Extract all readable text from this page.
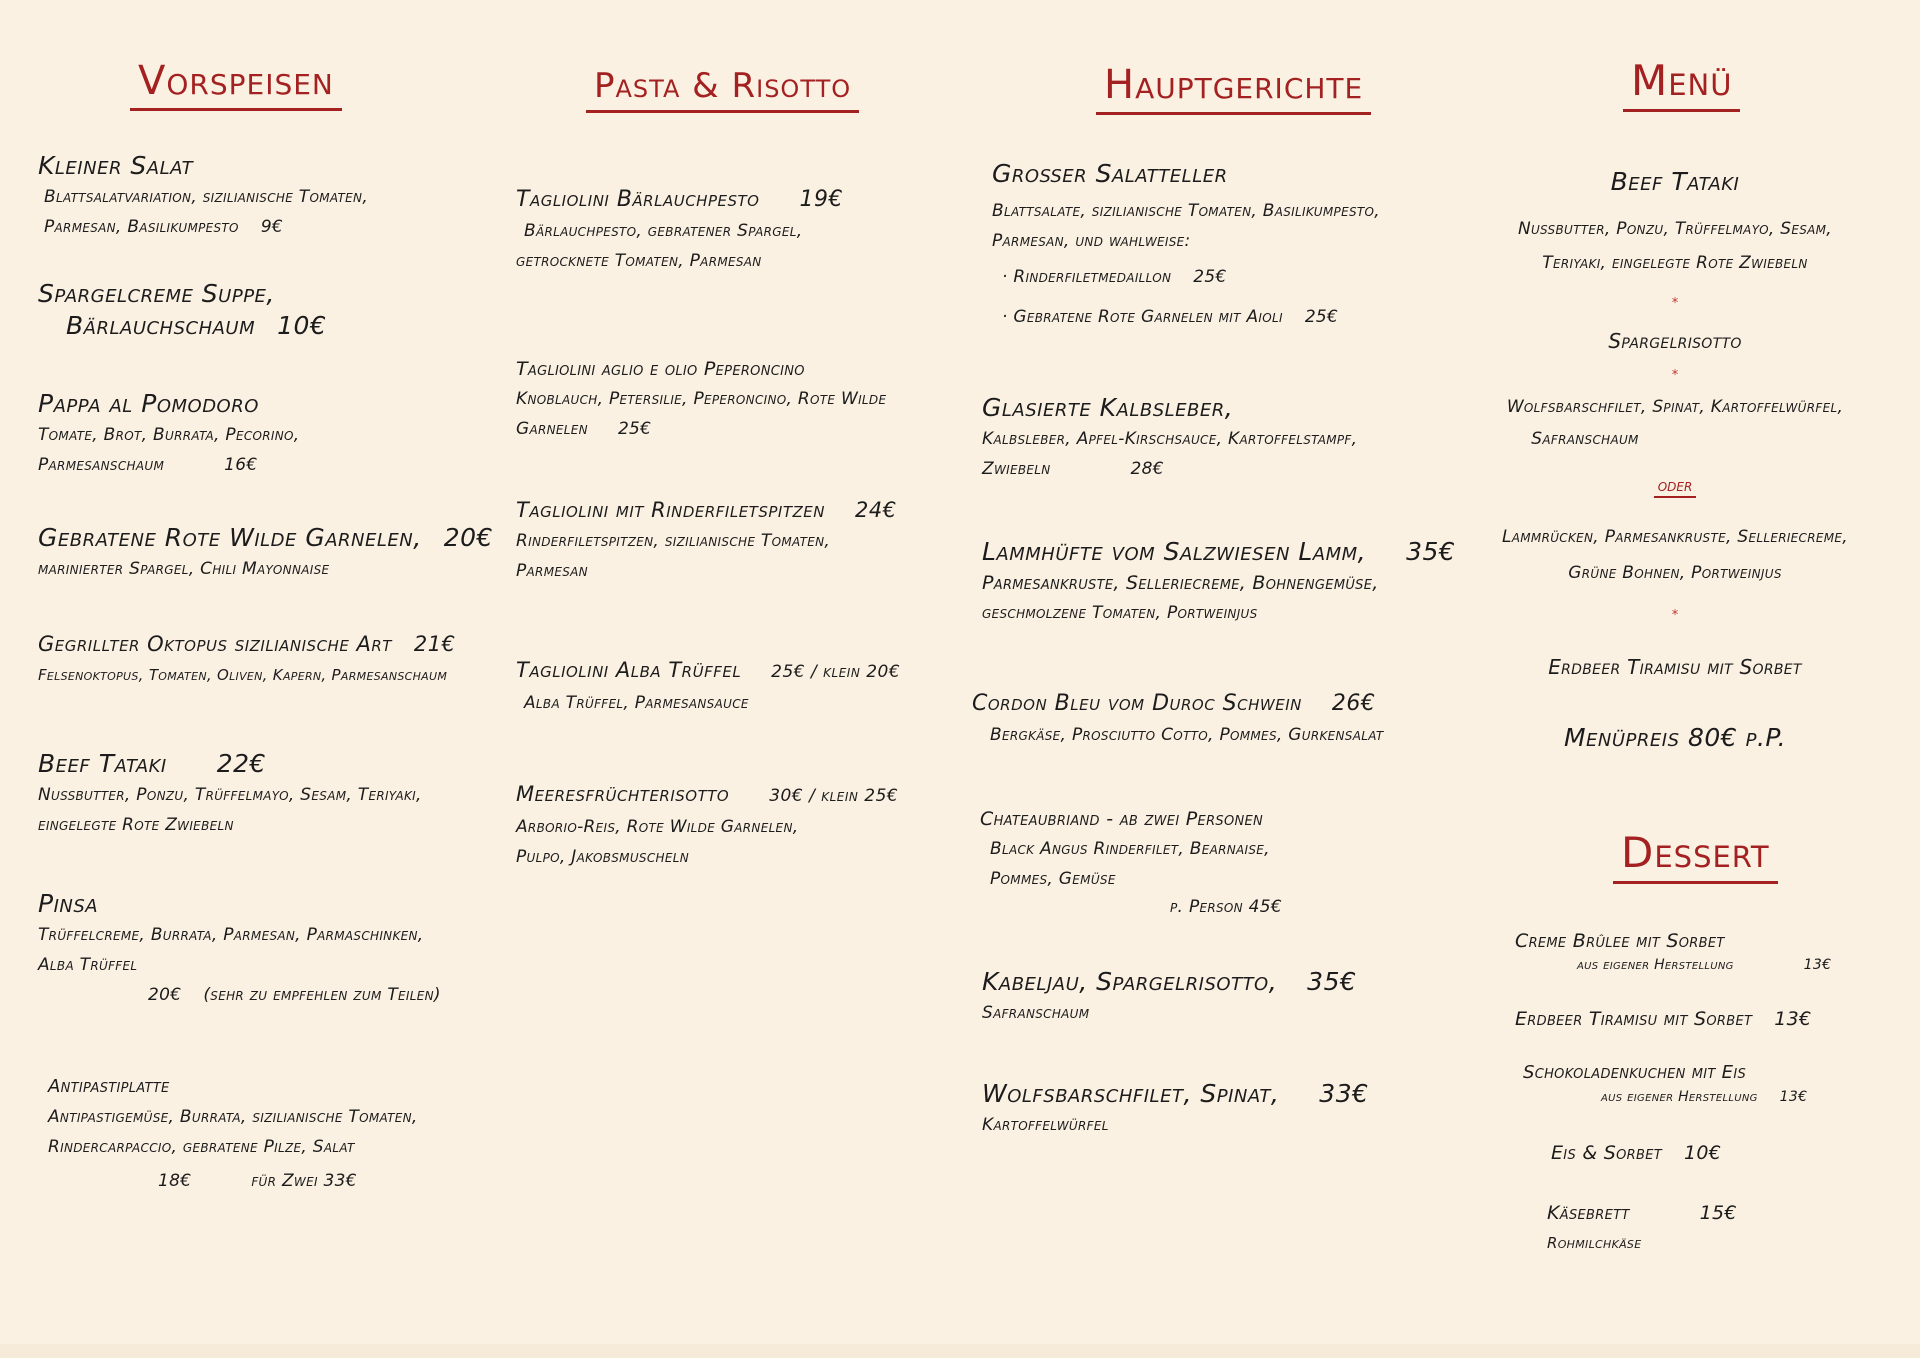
Vorspeisen
Kleiner Salat
Blattsalatvariation, sizilianische Tomaten,
Parmesan, Basilikumpesto 9€
Spargelcreme Suppe,
Bärlauchschaum 10€
Pappa al Pomodoro
Tomate, Brot, Burrata, Pecorino,
Parmesanschaum	16€
Gebratene Rote Wilde Garnelen, 20€
marinierter Spargel, Chili Mayonnaise
Gegrillter Oktopus sizilianische Art 21€
Felsenoktopus, Tomaten, Oliven, Kapern, Parmesanschaum
Beef Tataki 22€
Nussbutter, Ponzu, Trüffelmayo, Sesam, Teriyaki,
eingelegte Rote Zwiebeln
Pinsa
Trüffelcreme, Burrata, Parmesan, Parmaschinken,
Alba Trüffel
20€ (sehr zu empfehlen zum Teilen)
Antipastiplatte
Antipastigemüse, Burrata, sizilianische Tomaten,
Rindercarpaccio, gebratene Pilze, Salat
18€	für Zwei 33€
Pasta & Risotto
Tagliolini Bärlauchpesto 19€
Bärlauchpesto, gebratener Spargel,
getrocknete Tomaten, Parmesan
Tagliolini aglio e olio Peperoncino
Knoblauch, Petersilie, Peperoncino, Rote Wilde
Garnelen 25€
Tagliolini mit Rinderfiletspitzen 24€
Rinderfiletspitzen, sizilianische Tomaten,
Parmesan
Tagliolini Alba Trüffel 25€ / klein 20€
Alba Trüffel, Parmesansauce
Meeresfrüchterisotto 30€ / klein 25€
Arborio-Reis, Rote Wilde Garnelen,
Pulpo, Jakobsmuscheln
Hauptgerichte
Großer Salatteller
Blattsalate, sizilianische Tomaten, Basilikumpesto,
Parmesan, und wahlweise:
· Rinderfiletmedaillon 25€
· Gebratene Rote Garnelen mit Aioli 25€
Glasierte Kalbsleber,
Kalbsleber, Apfel-Kirschsauce, Kartoffelstampf,
Zwiebeln	28€
Lammhüfte vom Salzwiesen Lamm, 35€
Parmesankruste, Selleriecreme, Bohnengemüse,
geschmolzene Tomaten, Portweinjus
Cordon Bleu vom Duroc Schwein 26€
Bergkäse, Prosciutto Cotto, Pommes, Gurkensalat
Chateaubriand - ab zwei Personen
Black Angus Rinderfilet, Bearnaise,
Pommes, Gemüse
p. Person 45€
Kabeljau, Spargelrisotto, 35€
Safranschaum
Wolfsbarschfilet, Spinat, 33€
Kartoffelwürfel
Menü
Beef Tataki
Nussbutter, Ponzu, Trüffelmayo, Sesam,
Teriyaki, eingelegte Rote Zwiebeln
*
Spargelrisotto
*
Wolfsbarschfilet, Spinat, Kartoffelwürfel,
Safranschaum
oder
Lammrücken, Parmesankruste, Selleriecreme,
Grüne Bohnen, Portweinjus
*
Erdbeer Tiramisu mit Sorbet
Menüpreis 80€ p.P.
Dessert
Creme Brûlee mit Sorbet
aus eigener Herstellung	13€
Erdbeer Tiramisu mit Sorbet 13€
Schokoladenkuchen mit Eis
aus eigener Herstellung 13€
Eis & Sorbet 10€
Käsebrett	15€
Rohmilchkäse
